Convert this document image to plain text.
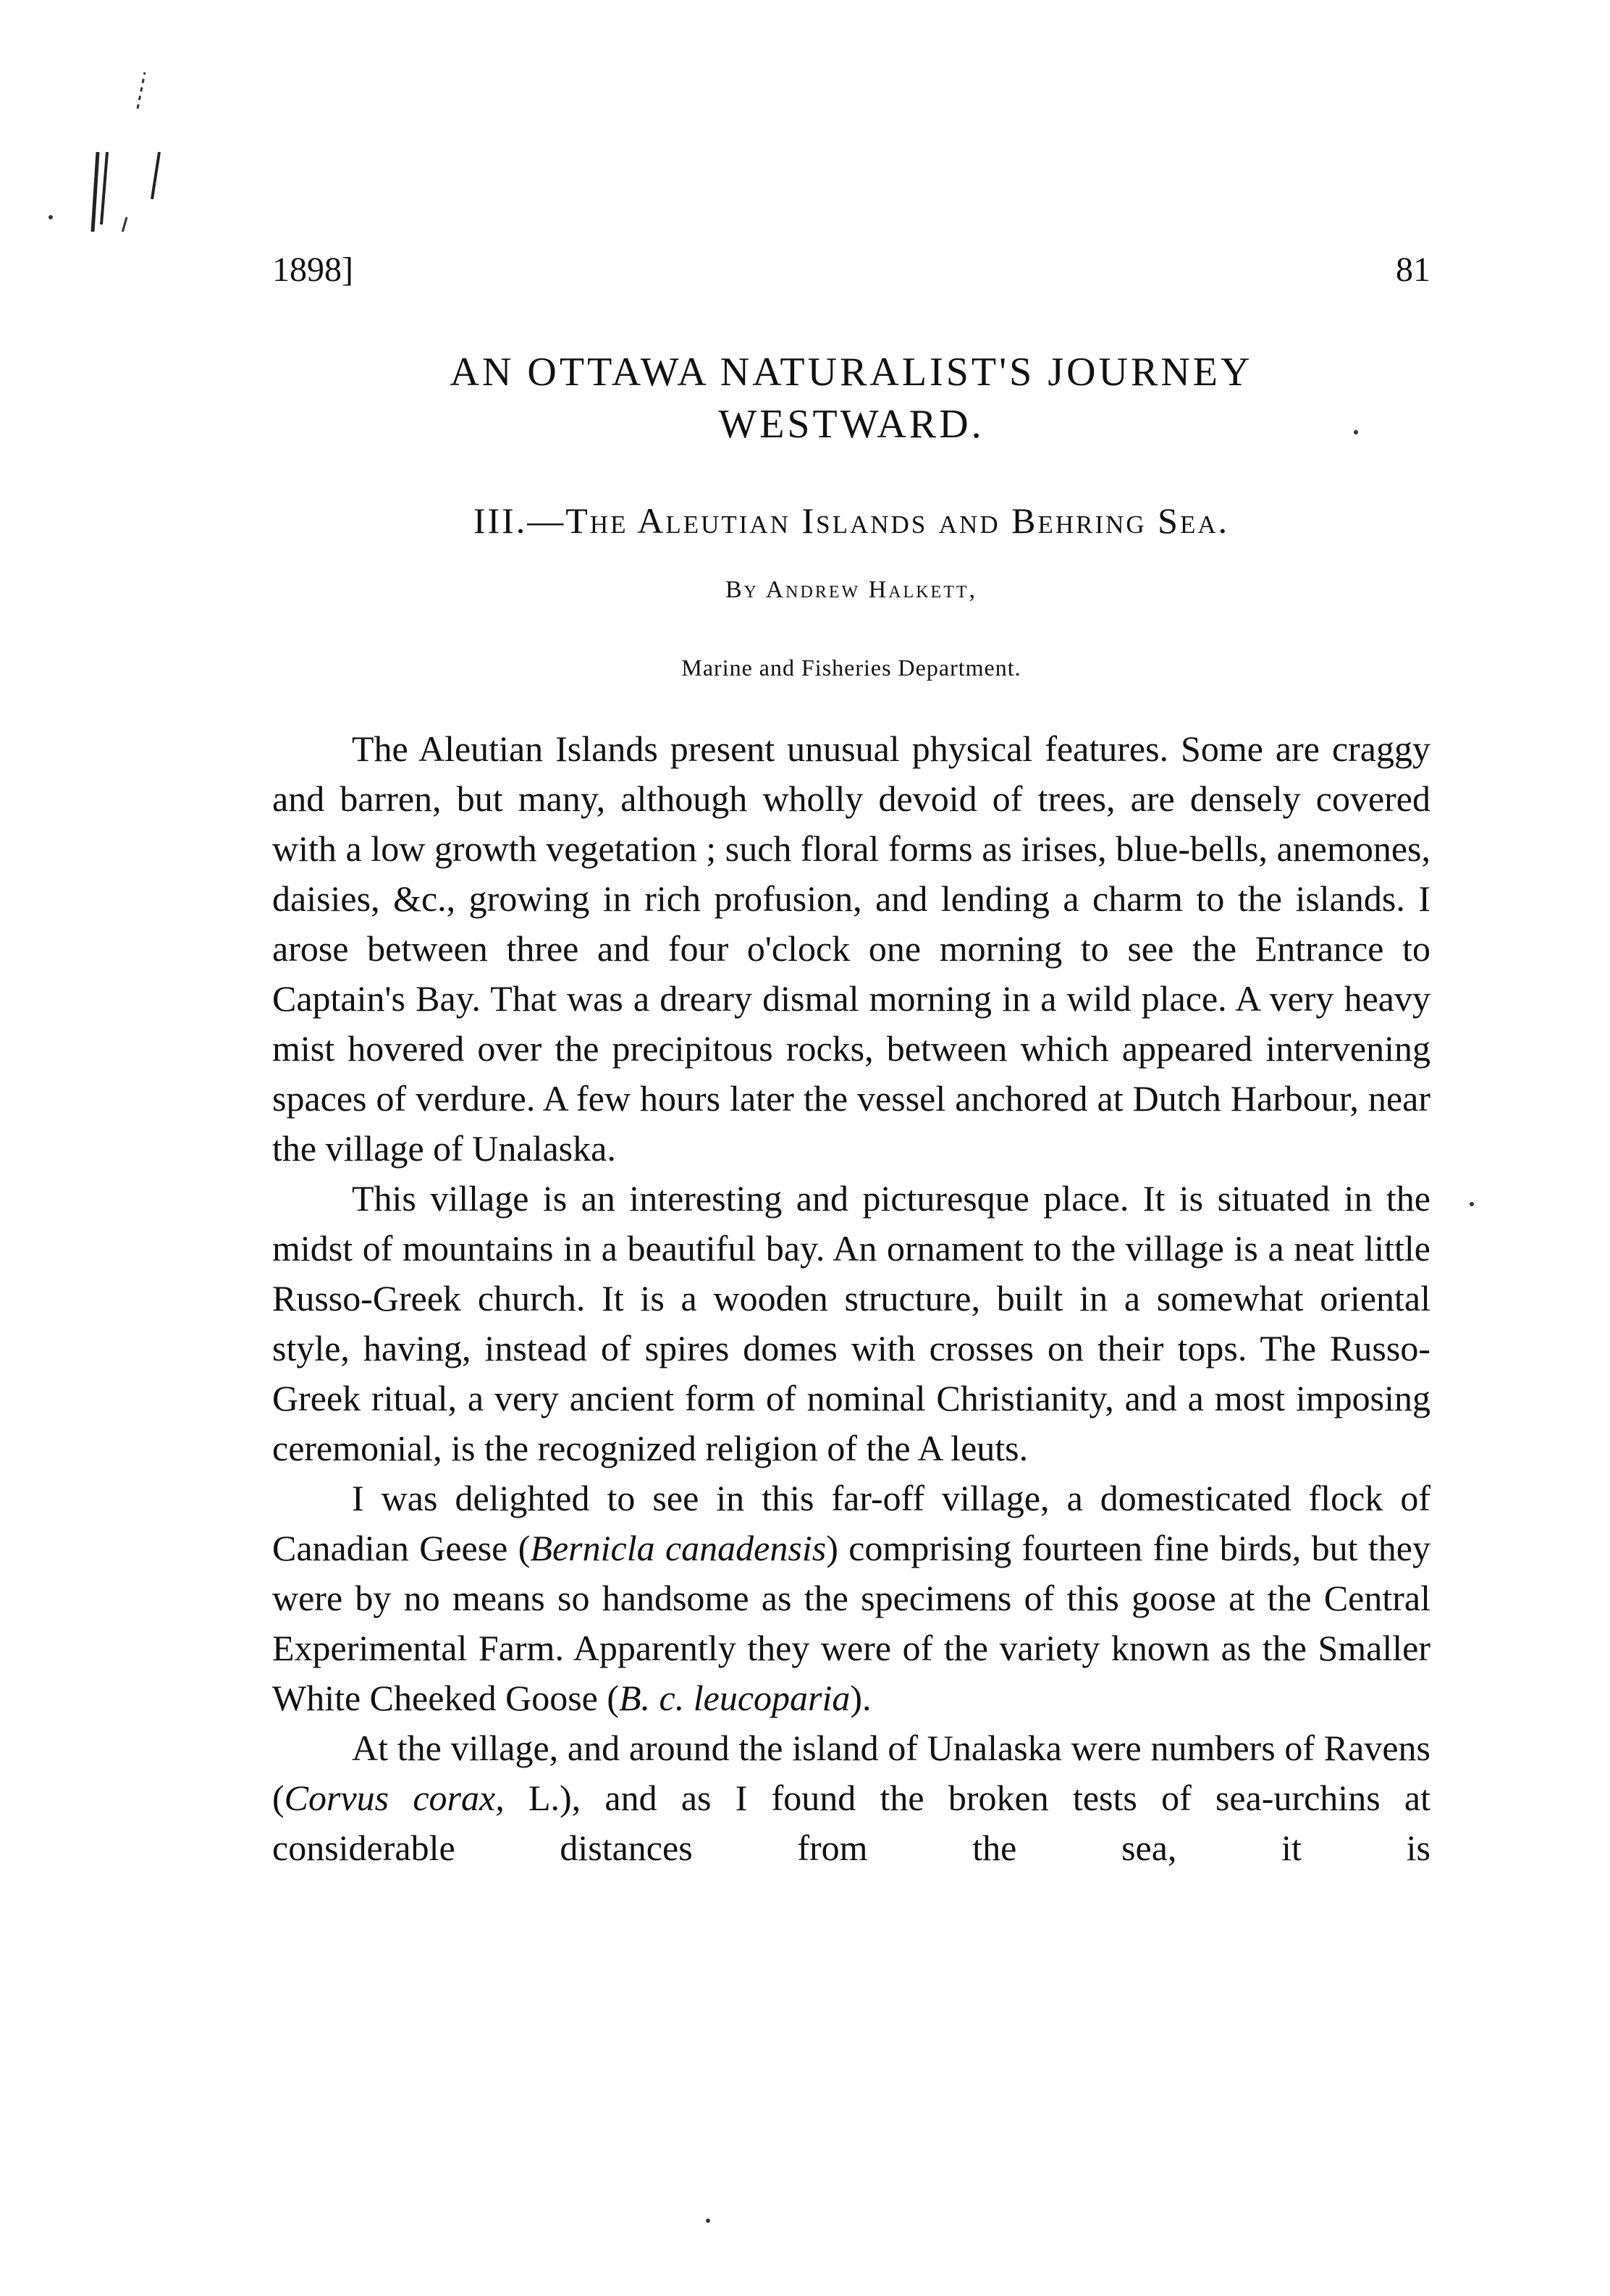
1898]	81
AN OTTAWA NATURALIST'S JOURNEY
WESTWARD.
III.—The Aleutian Islands and Behring Sea.
By Andrew Halkett,
Marine and Fisheries Department.

The Aleutian Islands present unusual physical features. Some are craggy and barren, but many, although wholly devoid of trees, are densely covered with a low growth vegetation ; such floral forms as irises, blue-bells, anemones, daisies, &c., growing in rich profusion, and lending a charm to the islands. I arose between three and four o'clock one morning to see the Entrance to Captain's Bay. That was a dreary dismal morning in a wild place. A very heavy mist hovered over the precipitous rocks, between which appeared intervening spaces of verdure. A few hours later the vessel anchored at Dutch Harbour, near the village of Unalaska.

This village is an interesting and picturesque place. It is situated in the midst of mountains in a beautiful bay. An ornament to the village is a neat little Russo-Greek church. It is a wooden structure, built in a somewhat oriental style, having, instead of spires domes with crosses on their tops. The Russo-Greek ritual, a very ancient form of nominal Christianity, and a most imposing ceremonial, is the recognized religion of the A leuts.

I was delighted to see in this far-off village, a domesticated flock of Canadian Geese (Bernicla canadensis) comprising fourteen fine birds, but they were by no means so handsome as the specimens of this goose at the Central Experimental Farm. Apparently they were of the variety known as the Smaller White Cheeked Goose (B. c. leucoparia).

At the village, and around the island of Unalaska were numbers of Ravens (Corvus corax, L.), and as I found the broken tests of sea-urchins at considerable distances from the sea, it is
